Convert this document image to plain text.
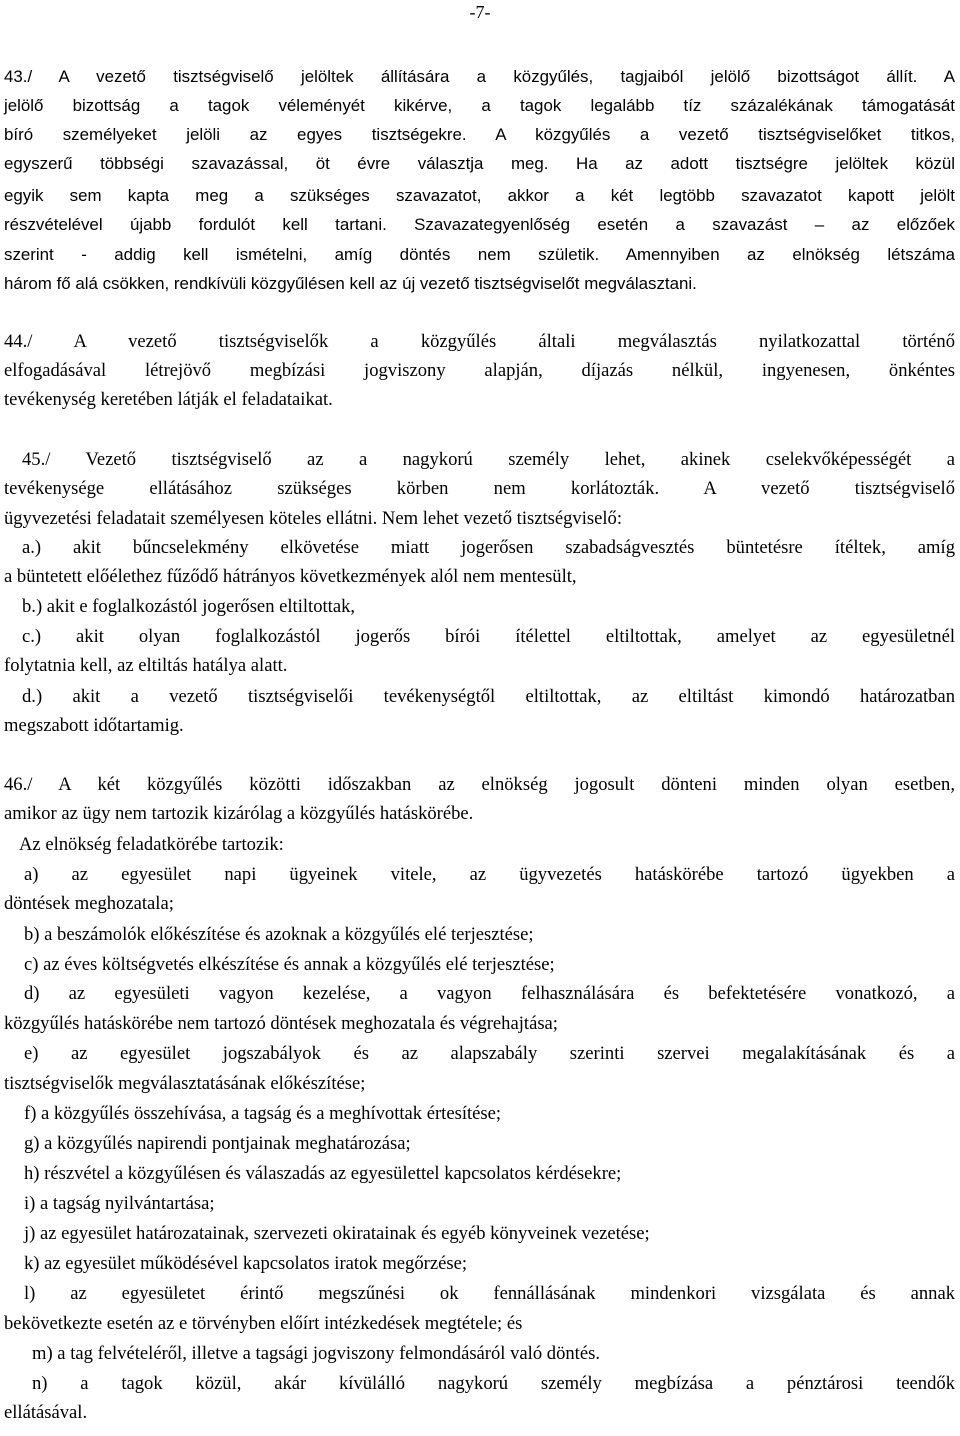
-7-
43./ A vezető tisztségviselő jelöltek állítására a közgyűlés, tagjaiból jelölő bizottságot állít. A
jelölő bizottság a tagok véleményét kikérve, a tagok legalább tíz százalékának támogatását
bíró személyeket jelöli az egyes tisztségekre. A közgyűlés a vezető tisztségviselőket titkos,
egyszerű többségi szavazással, öt évre választja meg. Ha az adott tisztségre jelöltek közül
egyik sem kapta meg a szükséges szavazatot, akkor a két legtöbb szavazatot kapott jelölt
részvételével újabb fordulót kell tartani. Szavazategyenlőség esetén a szavazást – az előzőek
szerint - addig kell ismételni, amíg döntés nem születik. Amennyiben az elnökség létszáma
három fő alá csökken, rendkívüli közgyűlésen kell az új vezető tisztségviselőt megválasztani.
44./ A vezető tisztségviselők a közgyűlés általi megválasztás nyilatkozattal történő
elfogadásával létrejövő megbízási jogviszony alapján, díjazás nélkül, ingyenesen, önkéntes
tevékenység keretében látják el feladataikat.
45./ Vezető tisztségviselő az a nagykorú személy lehet, akinek cselekvőképességét a
tevékenysége ellátásához szükséges körben nem korlátozták. A vezető tisztségviselő
ügyvezetési feladatait személyesen köteles ellátni. Nem lehet vezető tisztségviselő:
a.) akit bűncselekmény elkövetése miatt jogerősen szabadságvesztés büntetésre ítéltek, amíg
a büntetett előélethez fűződő hátrányos következmények alól nem mentesült,
b.) akit e foglalkozástól jogerősen eltiltottak,
c.) akit olyan foglalkozástól jogerős bírói ítélettel eltiltottak, amelyet az egyesületnél
folytatnia kell, az eltiltás hatálya alatt.
d.) akit a vezető tisztségviselői tevékenységtől eltiltottak, az eltiltást kimondó határozatban
megszabott időtartamig.
46./ A két közgyűlés közötti időszakban az elnökség jogosult dönteni minden olyan esetben,
amikor az ügy nem tartozik kizárólag a közgyűlés hatáskörébe.
Az elnökség feladatkörébe tartozik:
a) az egyesület napi ügyeinek vitele, az ügyvezetés hatáskörébe tartozó ügyekben a
döntések meghozatala;
b) a beszámolók előkészítése és azoknak a közgyűlés elé terjesztése;
c) az éves költségvetés elkészítése és annak a közgyűlés elé terjesztése;
d) az egyesületi vagyon kezelése, a vagyon felhasználására és befektetésére vonatkozó, a
közgyűlés hatáskörébe nem tartozó döntések meghozatala és végrehajtása;
e) az egyesület jogszabályok és az alapszabály szerinti szervei megalakításának és a
tisztségviselők megválasztatásának előkészítése;
f) a közgyűlés összehívása, a tagság és a meghívottak értesítése;
g) a közgyűlés napirendi pontjainak meghatározása;
h) részvétel a közgyűlésen és válaszadás az egyesülettel kapcsolatos kérdésekre;
i) a tagság nyilvántartása;
j) az egyesület határozatainak, szervezeti okiratainak és egyéb könyveinek vezetése;
k) az egyesület működésével kapcsolatos iratok megőrzése;
l) az egyesületet érintő megszűnési ok fennállásának mindenkori vizsgálata és annak
bekövetkezte esetén az e törvényben előírt intézkedések megtétele; és
m) a tag felvételéről, illetve a tagsági jogviszony felmondásáról való döntés.
n) a tagok közül, akár kívülálló nagykorú személy megbízása a pénztárosi teendők
ellátásával.
